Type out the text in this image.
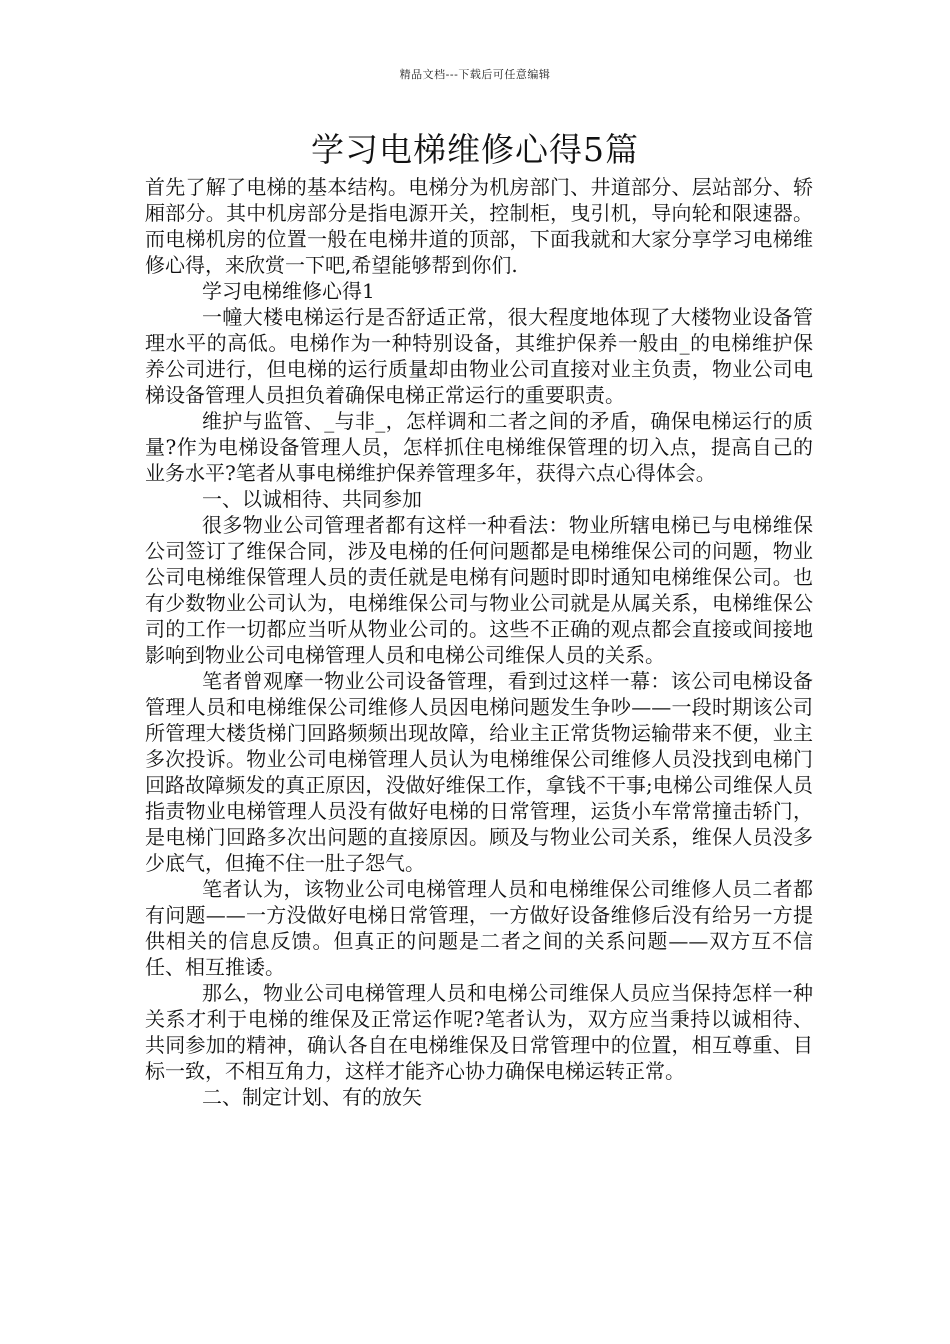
精品文档---下载后可任意编辑
学习电梯维修心得5篇

首先了解了电梯的基本结构。电梯分为机房部门、井道部分、层站部分、轿厢部分。其中机房部分是指电源开关，控制柜，曳引机，导向轮和限速器。而电梯机房的位置一般在电梯井道的顶部，下面我就和大家分享学习电梯维修心得，来欣赏一下吧,希望能够帮到你们.

学习电梯维修心得1

一幢大楼电梯运行是否舒适正常，很大程度地体现了大楼物业设备管理水平的高低。电梯作为一种特别设备，其维护保养一般由_的电梯维护保养公司进行，但电梯的运行质量却由物业公司直接对业主负责，物业公司电梯设备管理人员担负着确保电梯正常运行的重要职责。

维护与监管、_与非_，怎样调和二者之间的矛盾，确保电梯运行的质量?作为电梯设备管理人员，怎样抓住电梯维保管理的切入点，提高自己的业务水平?笔者从事电梯维护保养管理多年，获得六点心得体会。

一、以诚相待、共同参加

很多物业公司管理者都有这样一种看法：物业所辖电梯已与电梯维保公司签订了维保合同，涉及电梯的任何问题都是电梯维保公司的问题，物业公司电梯维保管理人员的责任就是电梯有问题时即时通知电梯维保公司。也有少数物业公司认为，电梯维保公司与物业公司就是从属关系，电梯维保公司的工作一切都应当听从物业公司的。这些不正确的观点都会直接或间接地影响到物业公司电梯管理人员和电梯公司维保人员的关系。

笔者曾观摩一物业公司设备管理，看到过这样一幕：该公司电梯设备管理人员和电梯维保公司维修人员因电梯问题发生争吵——一段时期该公司所管理大楼货梯门回路频频出现故障，给业主正常货物运输带来不便，业主多次投诉。物业公司电梯管理人员认为电梯维保公司维修人员没找到电梯门回路故障频发的真正原因，没做好维保工作，拿钱不干事;电梯公司维保人员指责物业电梯管理人员没有做好电梯的日常管理，运货小车常常撞击轿门，是电梯门回路多次出问题的直接原因。顾及与物业公司关系，维保人员没多少底气，但掩不住一肚子怨气。

笔者认为，该物业公司电梯管理人员和电梯维保公司维修人员二者都有问题——一方没做好电梯日常管理，一方做好设备维修后没有给另一方提供相关的信息反馈。但真正的问题是二者之间的关系问题——双方互不信任、相互推诿。

那么，物业公司电梯管理人员和电梯公司维保人员应当保持怎样一种关系才利于电梯的维保及正常运作呢?笔者认为，双方应当秉持以诚相待、共同参加的精神，确认各自在电梯维保及日常管理中的位置，相互尊重、目标一致，不相互角力，这样才能齐心协力确保电梯运转正常。

二、制定计划、有的放矢
